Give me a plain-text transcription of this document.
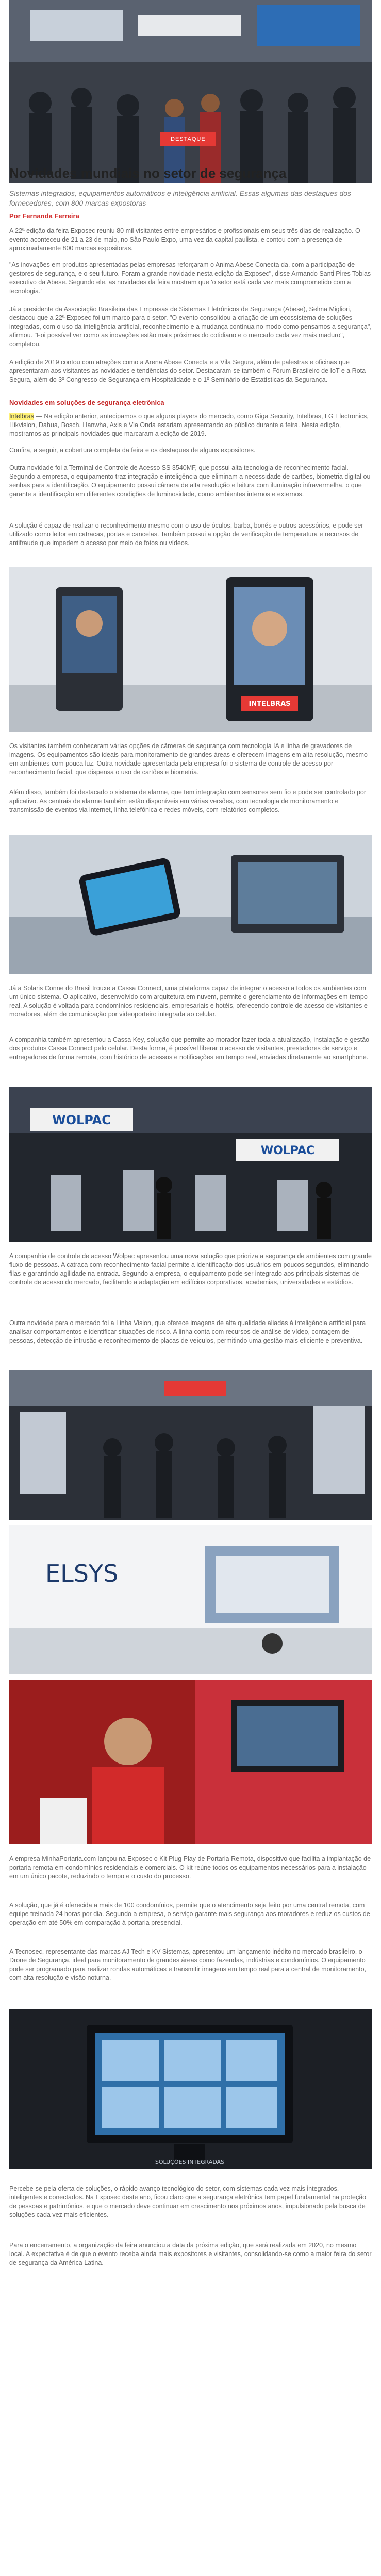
DESTAQUE
Novidades mundiais no setor de segurança

Sistemas integrados, equipamentos automáticos e inteligência artificial. Essas algumas das destaques dos fornecedores, com 800 marcas expostoras

Por Fernanda Ferreira

A 22ª edição da feira Exposec reuniu 80 mil visitantes entre empresários e profissionais em seus três dias de realização. O evento aconteceu de 21 a 23 de maio, no São Paulo Expo, uma vez da capital paulista, e contou com a presença de aproximadamente 800 marcas expositoras.

"As inovações em produtos apresentadas pelas empresas reforçaram o Anima Abese Conecta da, com a participação de gestores de segurança, e o seu futuro. Foram a grande novidade nesta edição da Exposec", disse Armando Santi Pires Tobias executivo da Abese. Segundo ele, as novidades da feira mostram que 'o setor está cada vez mais comprometido com a tecnologia.'

Já a presidente da Associação Brasileira das Empresas de Sistemas Eletrônicos de Segurança (Abese), Selma Migliori, destacou que a 22ª Exposec foi um marco para o setor. "O evento consolidou a criação de um ecossistema de soluções integradas, com o uso da inteligência artificial, reconhecimento e a mudança contínua no modo como pensamos a segurança", afirmou. "Foi possível ver como as inovações estão mais próximas do cotidiano e o mercado cada vez mais maduro", completou.

A edição de 2019 contou com atrações como a Arena Abese Conecta e a Vila Segura, além de palestras e oficinas que apresentaram aos visitantes as novidades e tendências do setor. Destacaram-se também o Fórum Brasileiro de IoT e a Rota Segura, além do 3º Congresso de Segurança em Hospitalidade e o 1º Seminário de Estatísticas da Segurança.

Novidades em soluções de segurança eletrônica

Intelbras — Na edição anterior, antecipamos o que alguns players do mercado, como Giga Security, Intelbras, LG Electronics, Hikvision, Dahua, Bosch, Hanwha, Axis e Via Onda estariam apresentando ao público durante a feira. Nesta edição, mostramos as principais novidades que marcaram a edição de 2019.

Confira, a seguir, a cobertura completa da feira e os destaques de alguns expositores.

Outra novidade foi a Terminal de Controle de Acesso SS 3540MF, que possui alta tecnologia de reconhecimento facial. Segundo a empresa, o equipamento traz integração e inteligência que eliminam a necessidade de cartões, biometria digital ou senhas para a identificação. O equipamento possui câmera de alta resolução e leitura com iluminação infravermelha, o que garante a identificação em diferentes condições de luminosidade, como ambientes internos e externos.

A solução é capaz de realizar o reconhecimento mesmo com o uso de óculos, barba, bonés e outros acessórios, e pode ser utilizado como leitor em catracas, portas e cancelas. Também possui a opção de verificação de temperatura e recursos de antifraude que impedem o acesso por meio de fotos ou vídeos.

INTELBRAS

Os visitantes também conheceram várias opções de câmeras de segurança com tecnologia IA e linha de gravadores de imagens. Os equipamentos são ideais para monitoramento de grandes áreas e oferecem imagens em alta resolução, mesmo em ambientes com pouca luz. Outra novidade apresentada pela empresa foi o sistema de controle de acesso por reconhecimento facial, que dispensa o uso de cartões e biometria.

Além disso, também foi destacado o sistema de alarme, que tem integração com sensores sem fio e pode ser controlado por aplicativo. As centrais de alarme também estão disponíveis em várias versões, com tecnologia de monitoramento e transmissão de eventos via internet, linha telefônica e redes móveis, com relatórios completos.

Já a Solaris Conne do Brasil trouxe a Cassa Connect, uma plataforma capaz de integrar o acesso a todos os ambientes com um único sistema. O aplicativo, desenvolvido com arquitetura em nuvem, permite o gerenciamento de informações em tempo real. A solução é voltada para condomínios residenciais, empresariais e hotéis, oferecendo controle de acesso de visitantes e moradores, além de comunicação por videoporteiro integrada ao celular.

A companhia também apresentou a Cassa Key, solução que permite ao morador fazer toda a atualização, instalação e gestão dos produtos Cassa Connect pelo celular. Desta forma, é possível liberar o acesso de visitantes, prestadores de serviço e entregadores de forma remota, com histórico de acessos e notificações em tempo real, enviadas diretamente ao smartphone.

WOLPAC
WOLPAC

A companhia de controle de acesso Wolpac apresentou uma nova solução que prioriza a segurança de ambientes com grande fluxo de pessoas. A catraca com reconhecimento facial permite a identificação dos usuários em poucos segundos, eliminando filas e garantindo agilidade na entrada. Segundo a empresa, o equipamento pode ser integrado aos principais sistemas de controle de acesso do mercado, facilitando a adaptação em edifícios corporativos, academias, universidades e estádios.

Outra novidade para o mercado foi a Linha Vision, que oferece imagens de alta qualidade aliadas à inteligência artificial para analisar comportamentos e identificar situações de risco. A linha conta com recursos de análise de vídeo, contagem de pessoas, detecção de intrusão e reconhecimento de placas de veículos, permitindo uma gestão mais eficiente e preventiva.

ELSYS

A empresa MinhaPortaria.com lançou na Exposec o Kit Plug Play de Portaria Remota, dispositivo que facilita a implantação de portaria remota em condomínios residenciais e comerciais. O kit reúne todos os equipamentos necessários para a instalação em um único pacote, reduzindo o tempo e o custo do processo.

A solução, que já é oferecida a mais de 100 condomínios, permite que o atendimento seja feito por uma central remota, com equipe treinada 24 horas por dia. Segundo a empresa, o serviço garante mais segurança aos moradores e reduz os custos de operação em até 50% em comparação à portaria presencial.

A Tecnosec, representante das marcas AJ Tech e KV Sistemas, apresentou um lançamento inédito no mercado brasileiro, o Drone de Segurança, ideal para monitoramento de grandes áreas como fazendas, indústrias e condomínios. O equipamento pode ser programado para realizar rondas automáticas e transmitir imagens em tempo real para a central de monitoramento, com alta resolução e visão noturna.

SOLUÇÕES INTEGRADAS

Percebe-se pela oferta de soluções, o rápido avanço tecnológico do setor, com sistemas cada vez mais integrados, inteligentes e conectados. Na Exposec deste ano, ficou claro que a segurança eletrônica tem papel fundamental na proteção de pessoas e patrimônios, e que o mercado deve continuar em crescimento nos próximos anos, impulsionado pela busca de soluções cada vez mais eficientes.

Para o encerramento, a organização da feira anunciou a data da próxima edição, que será realizada em 2020, no mesmo local. A expectativa é de que o evento receba ainda mais expositores e visitantes, consolidando-se como a maior feira do setor de segurança da América Latina.
